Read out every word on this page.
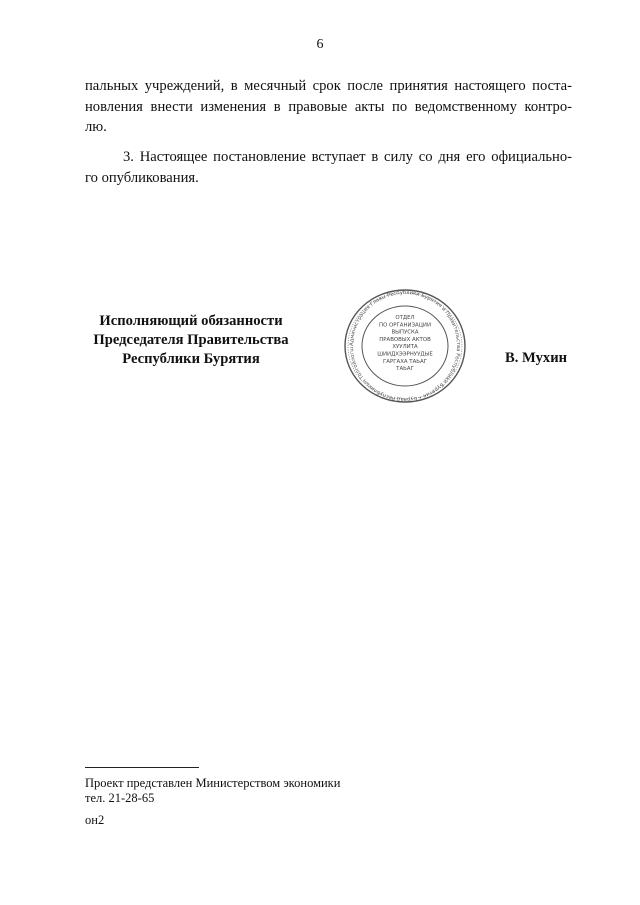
6
пальных учреждений, в месячный срок после принятия настоящего поста-
новления внести изменения в правовые акты по ведомственному контро-
лю.
3. Настоящее постановление вступает в силу со дня его официально-
го опубликования.
Исполняющий обязанности
Председателя Правительства
Республики Бурятия
Администрация Главы Республики Бурятия и Правительства Республики Бурятия • Буряад Республикын Толгойлогш
ОТДЕЛ
ПО ОРГАНИЗАЦИИ
ВЫПУСКА
ПРАВОВЫХ АКТОВ
ХУУЛИТА
ШИИДХЭЭРНУУДЫЕ
ГАРГАХА ТАЬАГ
ТАЬАГ
В. Мухин
Проект представлен Министерством экономики
тел. 21-28-65
он2
